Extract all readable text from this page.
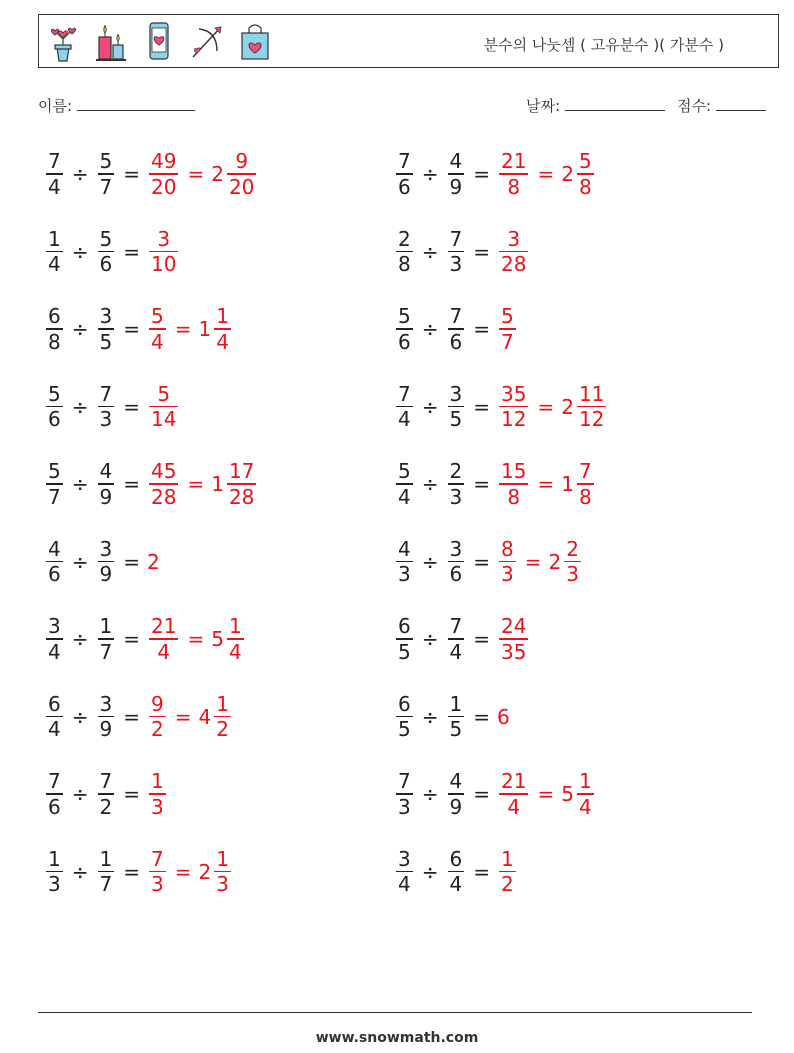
분수의 나눗셈 ( 고유분수 )( 가분수 )
이름:	날짜:	점수:
$\frac{7}{4} \div \frac{5}{7} = \frac{49}{20} = 2 \frac{9}{20}$	$\frac{7}{6} \div \frac{4}{9} = \frac{21}{8} = 2 \frac{5}{8}$
$\frac{1}{4} \div \frac{5}{6} = \frac{3}{10}$	$\frac{2}{8} \div \frac{7}{3} = \frac{3}{28}$
$\frac{6}{8} \div \frac{3}{5} = \frac{5}{4} = 1 \frac{1}{4}$	$\frac{5}{6} \div \frac{7}{6} = \frac{5}{7}$
$\frac{5}{6} \div \frac{7}{3} = \frac{5}{14}$	$\frac{7}{4} \div \frac{3}{5} = \frac{35}{12} = 2 \frac{11}{12}$
$\frac{5}{7} \div \frac{4}{9} = \frac{45}{28} = 1 \frac{17}{28}$	$\frac{5}{4} \div \frac{2}{3} = \frac{15}{8} = 1 \frac{7}{8}$
$\frac{4}{6} \div \frac{3}{9} = 2$	$\frac{4}{3} \div \frac{3}{6} = \frac{8}{3} = 2 \frac{2}{3}$
$\frac{3}{4} \div \frac{1}{7} = \frac{21}{4} = 5 \frac{1}{4}$	$\frac{6}{5} \div \frac{7}{4} = \frac{24}{35}$
$\frac{6}{4} \div \frac{3}{9} = \frac{9}{2} = 4 \frac{1}{2}$	$\frac{6}{5} \div \frac{1}{5} = 6$
$\frac{7}{6} \div \frac{7}{2} = \frac{1}{3}$	$\frac{7}{3} \div \frac{4}{9} = \frac{21}{4} = 5 \frac{1}{4}$
$\frac{1}{3} \div \frac{1}{7} = \frac{7}{3} = 2 \frac{1}{3}$	$\frac{3}{4} \div \frac{6}{4} = \frac{1}{2}$
www.snowmath.com
